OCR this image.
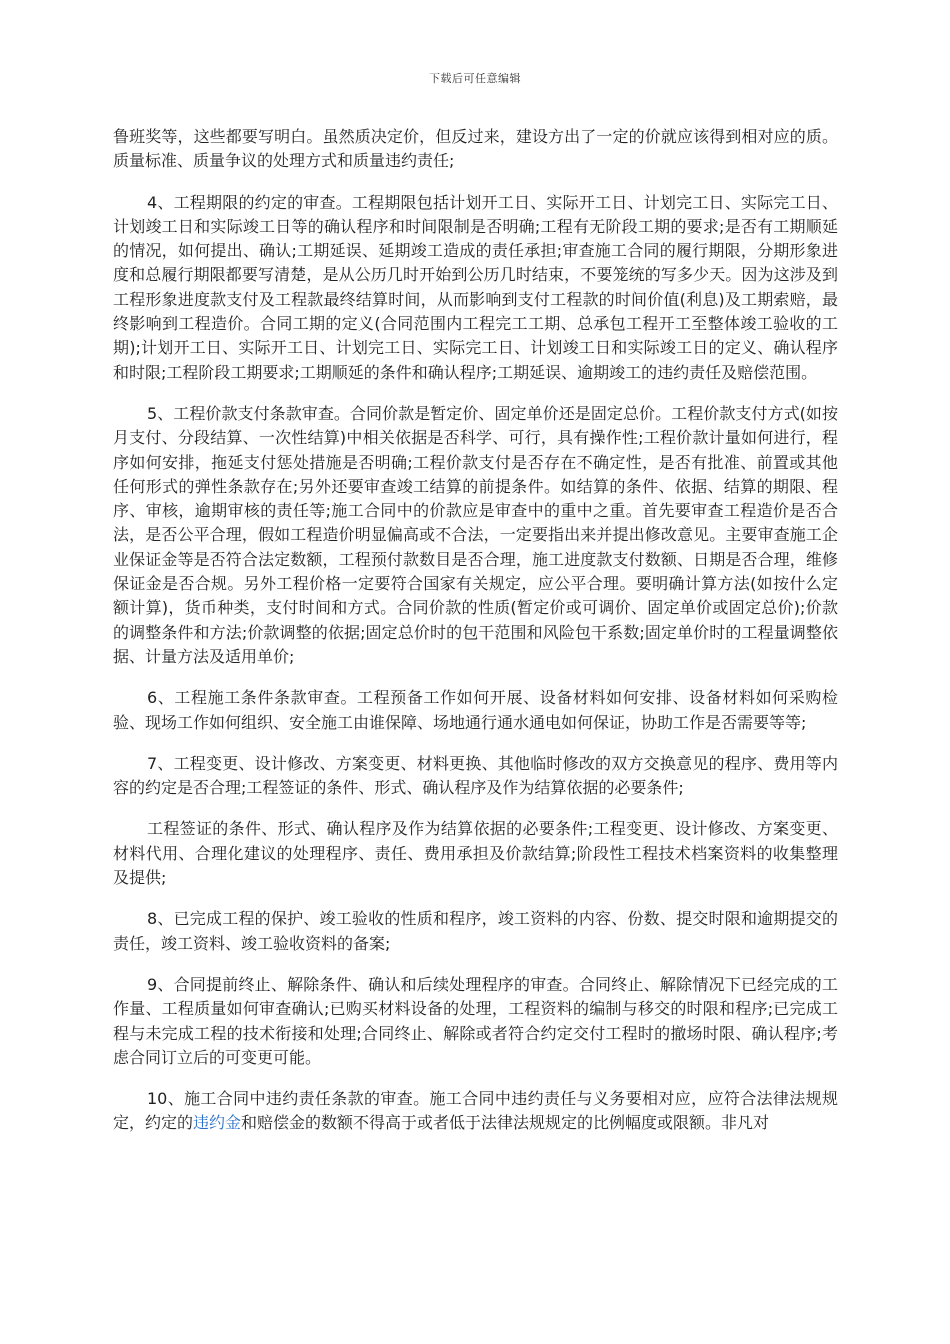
下载后可任意编辑

鲁班奖等，这些都要写明白。虽然质决定价，但反过来，建设方出了一定的价就应该得到相对应的质。质量标准、质量争议的处理方式和质量违约责任;

4、工程期限的约定的审查。工程期限包括计划开工日、实际开工日、计划完工日、实际完工日、计划竣工日和实际竣工日等的确认程序和时间限制是否明确;工程有无阶段工期的要求;是否有工期顺延的情况，如何提出、确认;工期延误、延期竣工造成的责任承担;审查施工合同的履行期限，分期形象进度和总履行期限都要写清楚，是从公历几时开始到公历几时结束，不要笼统的写多少天。因为这涉及到工程形象进度款支付及工程款最终结算时间，从而影响到支付工程款的时间价值(利息)及工期索赔，最终影响到工程造价。合同工期的定义(合同范围内工程完工工期、总承包工程开工至整体竣工验收的工期);计划开工日、实际开工日、计划完工日、实际完工日、计划竣工日和实际竣工日的定义、确认程序和时限;工程阶段工期要求;工期顺延的条件和确认程序;工期延误、逾期竣工的违约责任及赔偿范围。

5、工程价款支付条款审查。合同价款是暂定价、固定单价还是固定总价。工程价款支付方式(如按月支付、分段结算、一次性结算)中相关依据是否科学、可行，具有操作性;工程价款计量如何进行，程序如何安排，拖延支付惩处措施是否明确;工程价款支付是否存在不确定性，是否有批准、前置或其他任何形式的弹性条款存在;另外还要审查竣工结算的前提条件。如结算的条件、依据、结算的期限、程序、审核，逾期审核的责任等;施工合同中的价款应是审查中的重中之重。首先要审查工程造价是否合法，是否公平合理，假如工程造价明显偏高或不合法，一定要指出来并提出修改意见。主要审查施工企业保证金等是否符合法定数额，工程预付款数目是否合理，施工进度款支付数额、日期是否合理，维修保证金是否合规。另外工程价格一定要符合国家有关规定，应公平合理。要明确计算方法(如按什么定额计算)，货币种类，支付时间和方式。合同价款的性质(暂定价或可调价、固定单价或固定总价);价款的调整条件和方法;价款调整的依据;固定总价时的包干范围和风险包干系数;固定单价时的工程量调整依据、计量方法及适用单价;

6、工程施工条件条款审查。工程预备工作如何开展、设备材料如何安排、设备材料如何采购检验、现场工作如何组织、安全施工由谁保障、场地通行通水通电如何保证，协助工作是否需要等等;

7、工程变更、设计修改、方案变更、材料更换、其他临时修改的双方交换意见的程序、费用等内容的约定是否合理;工程签证的条件、形式、确认程序及作为结算依据的必要条件;

工程签证的条件、形式、确认程序及作为结算依据的必要条件;工程变更、设计修改、方案变更、材料代用、合理化建议的处理程序、责任、费用承担及价款结算;阶段性工程技术档案资料的收集整理及提供;

8、已完成工程的保护、竣工验收的性质和程序，竣工资料的内容、份数、提交时限和逾期提交的责任，竣工资料、竣工验收资料的备案;

9、合同提前终止、解除条件、确认和后续处理程序的审查。合同终止、解除情况下已经完成的工作量、工程质量如何审查确认;已购买材料设备的处理，工程资料的编制与移交的时限和程序;已完成工程与未完成工程的技术衔接和处理;合同终止、解除或者符合约定交付工程时的撤场时限、确认程序;考虑合同订立后的可变更可能。

10、施工合同中违约责任条款的审查。施工合同中违约责任与义务要相对应，应符合法律法规规定，约定的违约金和赔偿金的数额不得高于或者低于法律法规规定的比例幅度或限额。非凡对
